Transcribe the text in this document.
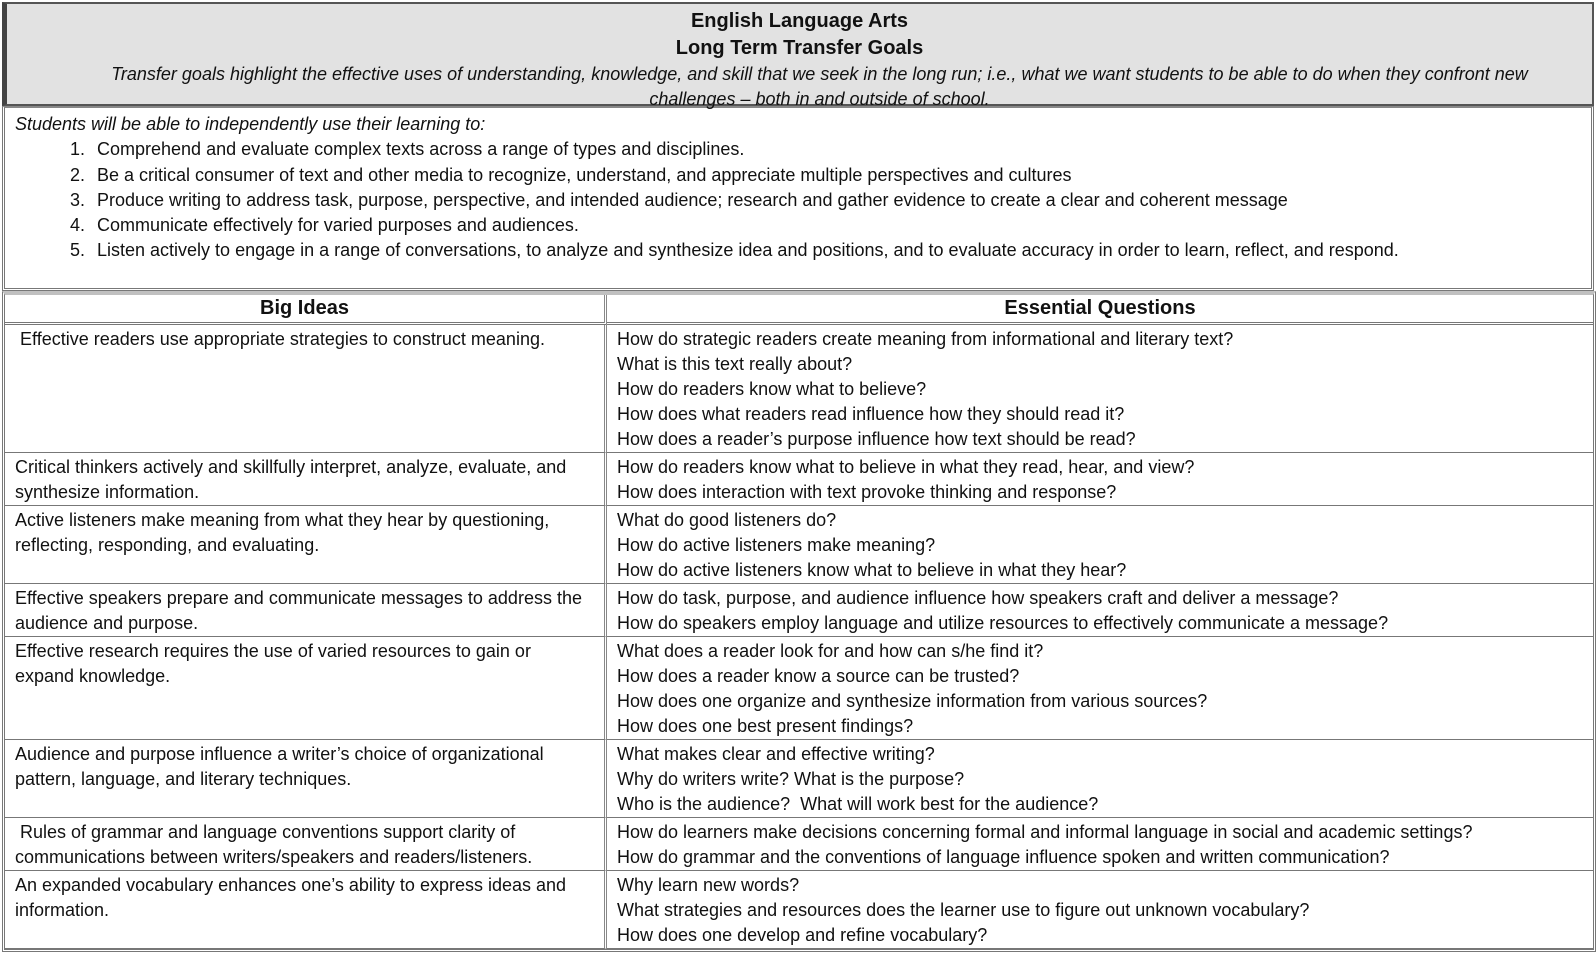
English Language Arts
Long Term Transfer Goals
Transfer goals highlight the effective uses of understanding, knowledge, and skill that we seek in the long run; i.e., what we want students to be able to do when they confront new challenges – both in and outside of school.
Students will be able to independently use their learning to:
1. Comprehend and evaluate complex texts across a range of types and disciplines.
2. Be a critical consumer of text and other media to recognize, understand, and appreciate multiple perspectives and cultures
3. Produce writing to address task, purpose, perspective, and intended audience; research and gather evidence to create a clear and coherent message
4. Communicate effectively for varied purposes and audiences.
5. Listen actively to engage in a range of conversations, to analyze and synthesize idea and positions, and to evaluate accuracy in order to learn, reflect, and respond.
Big Ideas	Essential Questions
Effective readers use appropriate strategies to construct meaning.	How do strategic readers create meaning from informational and literary text?
What is this text really about?
How do readers know what to believe?
How does what readers read influence how they should read it?
How does a reader’s purpose influence how text should be read?

Critical thinkers actively and skillfully interpret, analyze, evaluate, and synthesize information.	How do readers know what to believe in what they read, hear, and view?
How does interaction with text provoke thinking and response?

Active listeners make meaning from what they hear by questioning, reflecting, responding, and evaluating.	What do good listeners do?
How do active listeners make meaning?
How do active listeners know what to believe in what they hear?

Effective speakers prepare and communicate messages to address the audience and purpose.	How do task, purpose, and audience influence how speakers craft and deliver a message?
How do speakers employ language and utilize resources to effectively communicate a message?

Effective research requires the use of varied resources to gain or expand knowledge.	What does a reader look for and how can s/he find it?
How does a reader know a source can be trusted?
How does one organize and synthesize information from various sources?
How does one best present findings?

Audience and purpose influence a writer’s choice of organizational pattern, language, and literary techniques.	What makes clear and effective writing?
Why do writers write? What is the purpose?
Who is the audience?  What will work best for the audience?

Rules of grammar and language conventions support clarity of communications between writers/speakers and readers/listeners.	How do learners make decisions concerning formal and informal language in social and academic settings?
How do grammar and the conventions of language influence spoken and written communication?

An expanded vocabulary enhances one’s ability to express ideas and information.	Why learn new words?
What strategies and resources does the learner use to figure out unknown vocabulary?
How does one develop and refine vocabulary?
